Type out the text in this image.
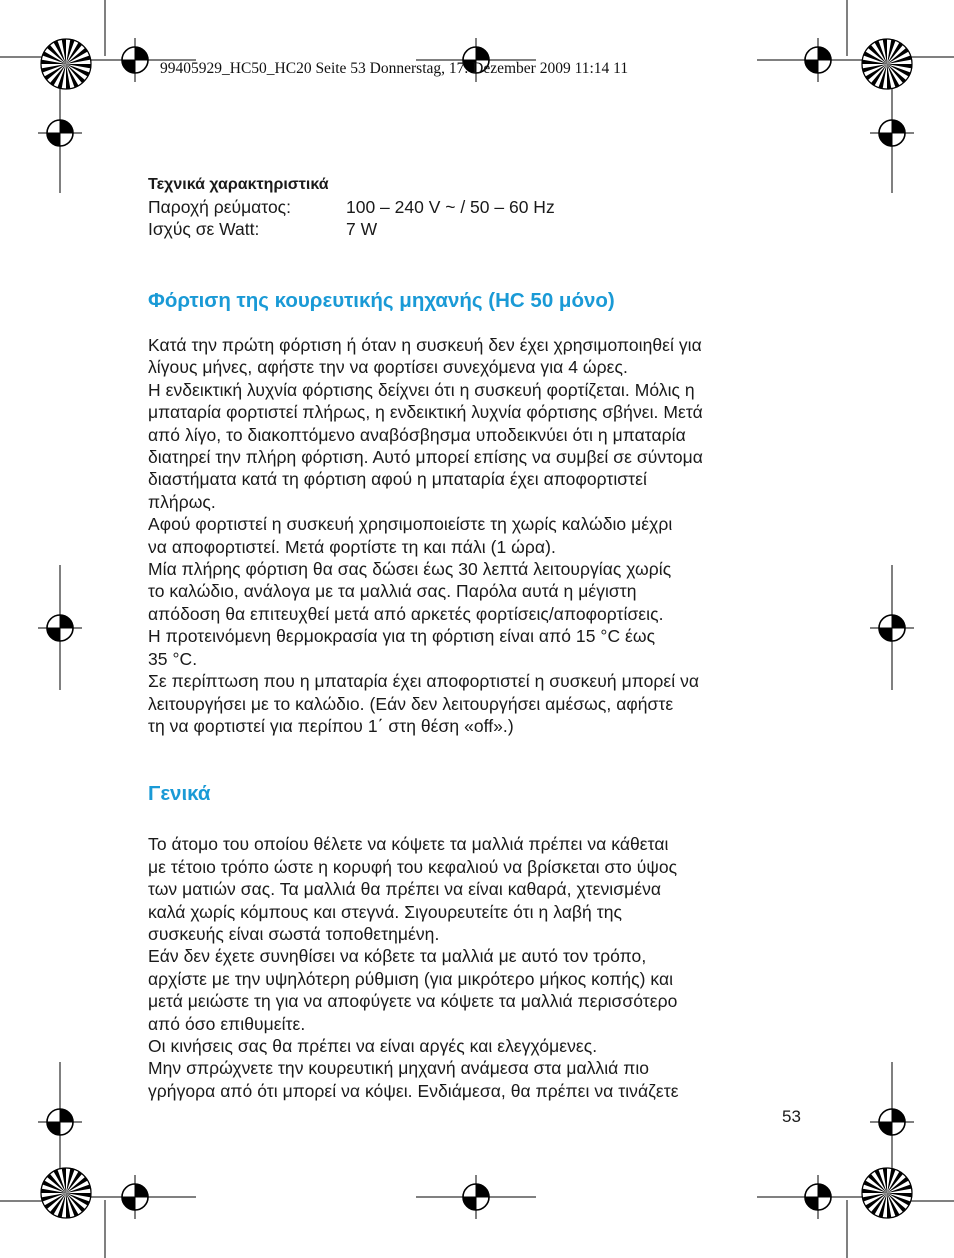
99405929_HC50_HC20 Seite 53 Donnerstag, 17. Dezember 2009 11:14 11
Τεχνικά χαρακτηριστικά
Παροχή ρεύματος:	100 – 240 V ~ / 50 – 60 Hz
Ισχύς σε Watt:	7 W
Φόρτιση της κουρευτικής μηχανής (HC 50 μόνο)
Κατά την πρώτη φόρτιση ή όταν η συσκευή δεν έχει χρησιμοποιηθεί για
λίγους μήνες, αφήστε την να φορτίσει συνεχόμενα για 4 ώρες.
Η ενδεικτική λυχνία φόρτισης δείχνει ότι η συσκευή φορτίζεται. Μόλις η
μπαταρία φορτιστεί πλήρως, η ενδεικτική λυχνία φόρτισης σβήνει. Μετά
από λίγο, το διακοπτόμενο αναβόσβησμα υποδεικνύει ότι η μπαταρία
διατηρεί την πλήρη φόρτιση. Αυτό μπορεί επίσης να συμβεί σε σύντομα
διαστήματα κατά τη φόρτιση αφού η μπαταρία έχει αποφορτιστεί
πλήρως.
Αφού φορτιστεί η συσκευή χρησιμοποιείστε τη χωρίς καλώδιο μέχρι
να αποφορτιστεί. Μετά φορτίστε τη και πάλι (1 ώρα).
Μία πλήρης φόρτιση θα σας δώσει έως 30 λεπτά λειτουργίας χωρίς
το καλώδιο, ανάλογα με τα μαλλιά σας. Παρόλα αυτά η μέγιστη
απόδοση θα επιτευχθεί μετά από αρκετές φορτίσεις/αποφορτίσεις.
Η προτεινόμενη θερμοκρασία για τη φόρτιση είναι από 15 °C έως
35 °C.
Σε περίπτωση που η μπαταρία έχει αποφορτιστεί η συσκευή μπορεί να
λειτουργήσει με το καλώδιο. (Εάν δεν λειτουργήσει αμέσως, αφήστε
τη να φορτιστεί για περίπου 1΄ στη θέση «off».)
Γενικά
Το άτομο του οποίου θέλετε να κόψετε τα μαλλιά πρέπει να κάθεται
με τέτοιο τρόπο ώστε η κορυφή του κεφαλιού να βρίσκεται στο ύψος
των ματιών σας. Τα μαλλιά θα πρέπει να είναι καθαρά, χτενισμένα
καλά χωρίς κόμπους και στεγνά. Σιγουρευτείτε ότι η λαβή της
συσκευής είναι σωστά τοποθετημένη.
Εάν δεν έχετε συνηθίσει να κόβετε τα μαλλιά με αυτό τον τρόπο,
αρχίστε με την υψηλότερη ρύθμιση (για μικρότερο μήκος κοπής) και
μετά μειώστε τη για να αποφύγετε να κόψετε τα μαλλιά περισσότερο
από όσο επιθυμείτε.
Οι κινήσεις σας θα πρέπει να είναι αργές και ελεγχόμενες.
Μην σπρώχνετε την κουρευτική μηχανή ανάμεσα στα μαλλιά πιο
γρήγορα από ότι μπορεί να κόψει. Ενδιάμεσα, θα πρέπει να τινάζετε
53
